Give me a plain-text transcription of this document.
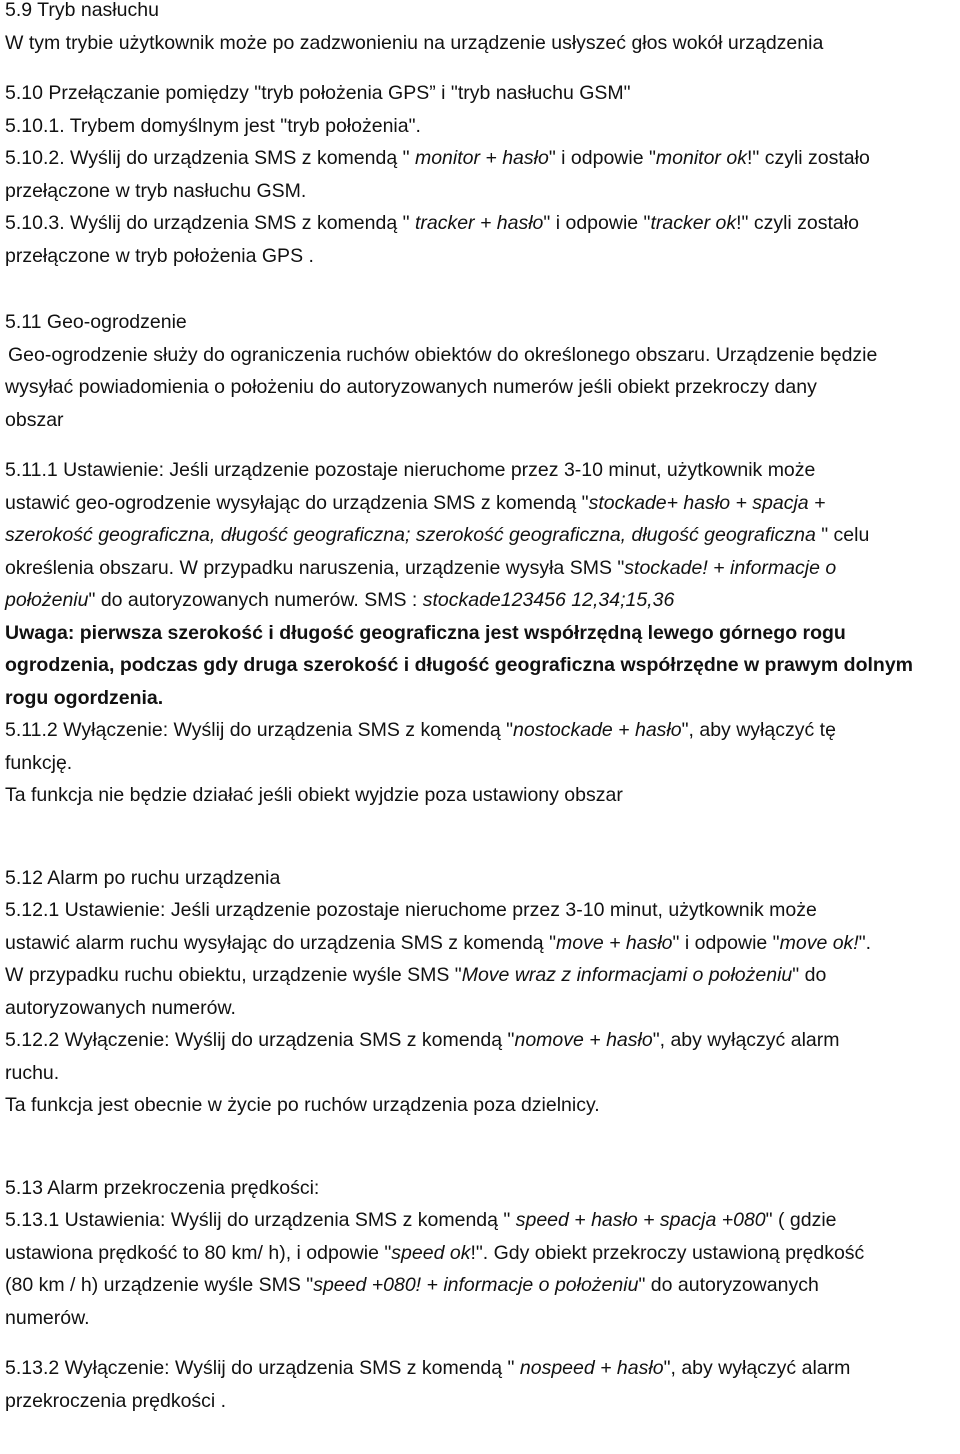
5.9 Tryb nasłuchu
W tym trybie użytkownik może po zadzwonieniu na urządzenie usłyszeć głos wokół urządzenia
5.10 Przełączanie pomiędzy "tryb położenia GPS” i "tryb nasłuchu GSM"
5.10.1. Trybem domyślnym jest "tryb położenia".
5.10.2. Wyślij do urządzenia SMS z komendą " monitor + hasło" i odpowie "monitor ok!" czyli zostało
przełączone w tryb nasłuchu GSM.
5.10.3. Wyślij do urządzenia SMS z komendą " tracker + hasło" i odpowie "tracker ok!" czyli zostało
przełączone w tryb położenia GPS .
5.11 Geo-ogrodzenie
Geo-ogrodzenie służy do ograniczenia ruchów obiektów do określonego obszaru. Urządzenie będzie
wysyłać powiadomienia o położeniu do autoryzowanych numerów jeśli obiekt przekroczy dany
obszar
5.11.1 Ustawienie: Jeśli urządzenie pozostaje nieruchome przez 3-10 minut, użytkownik może
ustawić geo-ogrodzenie wysyłając do urządzenia SMS z komendą "stockade+ hasło + spacja +
szerokość geograficzna, długość geograficzna; szerokość geograficzna, długość geograficzna " celu
określenia obszaru. W przypadku naruszenia, urządzenie wysyła SMS "stockade! + informacje o
położeniu" do autoryzowanych numerów. SMS : stockade123456 12,34;15,36
Uwaga: pierwsza szerokość i długość geograficzna jest współrzędną lewego górnego rogu
ogrodzenia, podczas gdy druga szerokość i długość geograficzna współrzędne w prawym dolnym
rogu ogordzenia.
5.11.2 Wyłączenie: Wyślij do urządzenia SMS z komendą "nostockade + hasło", aby wyłączyć tę
funkcję.
Ta funkcja nie będzie działać jeśli obiekt wyjdzie poza ustawiony obszar
5.12 Alarm po ruchu urządzenia
5.12.1 Ustawienie: Jeśli urządzenie pozostaje nieruchome przez 3-10 minut, użytkownik może
ustawić alarm ruchu wysyłając do urządzenia SMS z komendą "move + hasło" i odpowie "move ok!".
W przypadku ruchu obiektu, urządzenie wyśle SMS "Move wraz z informacjami o położeniu" do
autoryzowanych numerów.
5.12.2 Wyłączenie: Wyślij do urządzenia SMS z komendą "nomove + hasło", aby wyłączyć alarm
ruchu.
Ta funkcja jest obecnie w życie po ruchów urządzenia poza dzielnicy.
5.13 Alarm przekroczenia prędkości:
5.13.1 Ustawienia: Wyślij do urządzenia SMS z komendą " speed + hasło + spacja +080" ( gdzie
ustawiona prędkość to 80 km/ h), i odpowie "speed ok!". Gdy obiekt przekroczy ustawioną prędkość
(80 km / h) urządzenie wyśle SMS "speed +080! + informacje o położeniu" do autoryzowanych
numerów.
5.13.2 Wyłączenie: Wyślij do urządzenia SMS z komendą " nospeed + hasło", aby wyłączyć alarm
przekroczenia prędkości .
